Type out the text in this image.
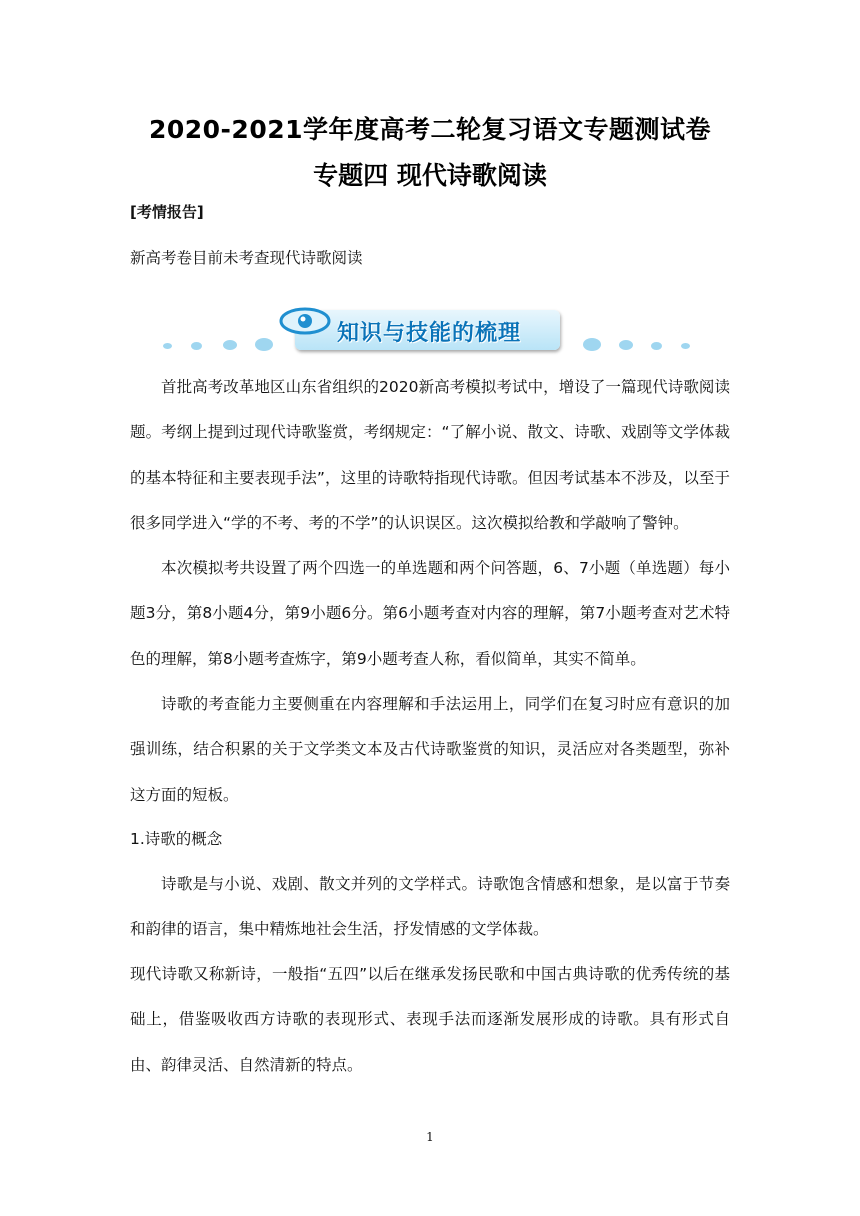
2020-2021学年度高考二轮复习语文专题测试卷
专题四 现代诗歌阅读
[考情报告]
新高考卷目前未考查现代诗歌阅读
知识与技能的梳理
首批高考改革地区山东省组织的2020新高考模拟考试中，增设了一篇现代诗歌阅读题。考纲上提到过现代诗歌鉴赏，考纲规定：“了解小说、散文、诗歌、戏剧等文学体裁的基本特征和主要表现手法”，这里的诗歌特指现代诗歌。但因考试基本不涉及，以至于很多同学进入“学的不考、考的不学”的认识误区。这次模拟给教和学敲响了警钟。
本次模拟考共设置了两个四选一的单选题和两个问答题，6、7小题（单选题）每小题3分，第8小题4分，第9小题6分。第6小题考查对内容的理解，第7小题考查对艺术特色的理解，第8小题考查炼字，第9小题考查人称，看似简单，其实不简单。
诗歌的考查能力主要侧重在内容理解和手法运用上，同学们在复习时应有意识的加强训练，结合积累的关于文学类文本及古代诗歌鉴赏的知识，灵活应对各类题型，弥补这方面的短板。
1.诗歌的概念
诗歌是与小说、戏剧、散文并列的文学样式。诗歌饱含情感和想象，是以富于节奏和韵律的语言，集中精炼地社会生活，抒发情感的文学体裁。
现代诗歌又称新诗，一般指“五四”以后在继承发扬民歌和中国古典诗歌的优秀传统的基础上，借鉴吸收西方诗歌的表现形式、表现手法而逐渐发展形成的诗歌。具有形式自由、韵律灵活、自然清新的特点。
1
